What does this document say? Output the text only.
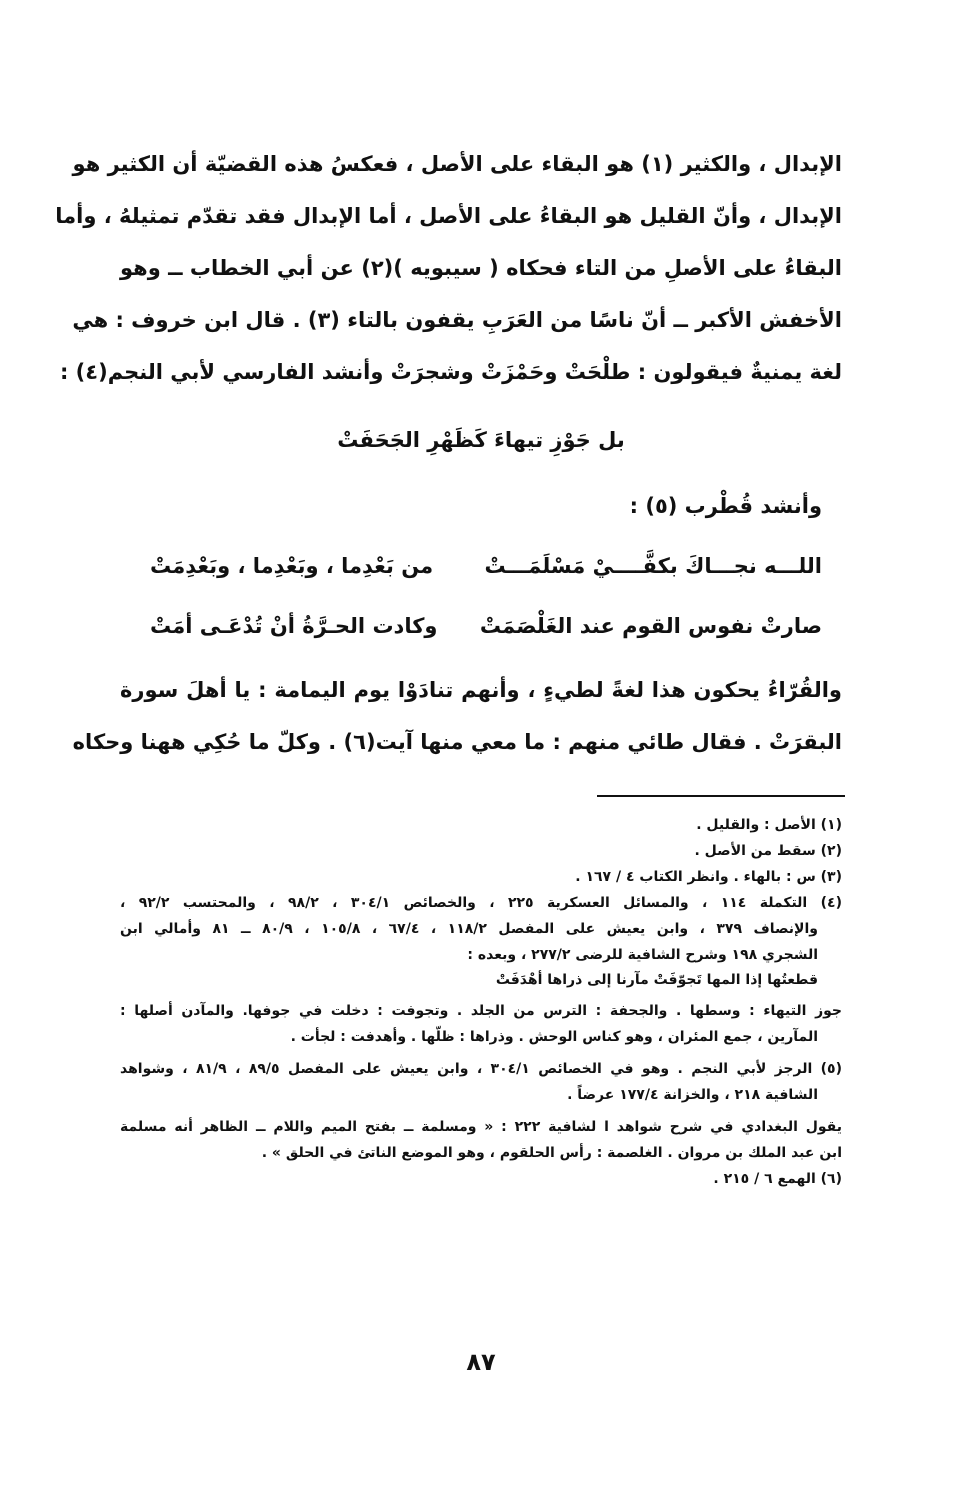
الإبدال ، والكثير (١) هو البقاء على الأصل ، فعكسُ هذه القضيّة أن الكثير هو
الإبدال ، وأنّ القليل هو البقاءُ على الأصل ، أما الإبدال فقد تقدّم تمثيلهُ ، وأما
البقاءُ على الأصلِ من التاء فحكاه ( سيبويه )(٢) عن أبي الخطاب ــ وهو
الأخفش الأكبر ــ أنّ ناسًا من العَرَبِ يقفون بالتاء (٣) . قال ابن خروف : هي
لغة يمنيةٌ فيقولون : طلْحَتْ وحَمْزَتْ وشجرَتْ وأنشد الفارسي لأبي النجم(٤) :
بل جَوْزِ تيهاءَ كَظَهْرِ الجَحَفَتْ
وأنشد قُطْرب (٥) :
اللـــه نجـــاكَ بكفَّــــيْ مَسْلَمَـــتْ
من بَعْدِما ، وبَعْدِما ، وبَعْدِمَتْ
صارتْ نفوس القوم عند الغَلْصَمَتْ
وكادت الحـرَّةُ أنْ تُدْعَـى أمَتْ
والقُرّاءُ يحكون هذا لغةً لطيءٍ ، وأنهم تنادَوْا يوم اليمامة : يا أهلَ سورة
البقرَتْ . فقال طائي منهم : ما معي منها آيت(٦) . وكلّ ما حُكِي ههنا وحكاه
(١) الأصل : والقليل .
(٢) سقط من الأصل .
(٣) س : بالهاء . وانظر الكتاب ٤ / ١٦٧ .
(٤) التكملة ١١٤ ، والمسائل العسكرية ٢٢٥ ، والخصائص ٣٠٤/١ ، ٩٨/٢ ، والمحتسب ٩٢/٢ ،
والإنصاف ٣٧٩ ، وابن يعيش على المفصل ١١٨/٢ ، ٦٧/٤ ، ١٠٥/٨ ، ٨٠/٩ ــ ٨١ وأمالي ابن
الشجري ١٩٨ وشرح الشافية للرضى ٢٧٧/٢ ، وبعده :
قطعتُها إذا المها تَجوّفَتْ مآرنا إلى ذراها أهْدَفَتْ
جوز التيهاء : وسطها . والجحفة : الترس من الجلد . وتجوفت : دخلت في جوفها. والمآدن أصلها :
المآرين ، جمع المئران ، وهو كناس الوحش . وذراها : ظلّها . وأهدفت : لجأت .
(٥) الرجز لأبي النجم . وهو في الخصائص ٣٠٤/١ ، وابن يعيش على المفصل ٨٩/٥ ، ٨١/٩ ، وشواهد
الشافية ٢١٨ ، والخزانة ١٧٧/٤ عرضاً .
يقول البغدادي في شرح شواهد ا لشافية ٢٢٢ : « ومسلمة ــ بفتح الميم واللام ــ الظاهر أنه مسلمة
ابن عبد الملك بن مروان . الغلصمة : رأس الحلقوم ، وهو الموضع الناتئ في الحلق » .
(٦) الهمع ٦ / ٢١٥ .
٨٧
